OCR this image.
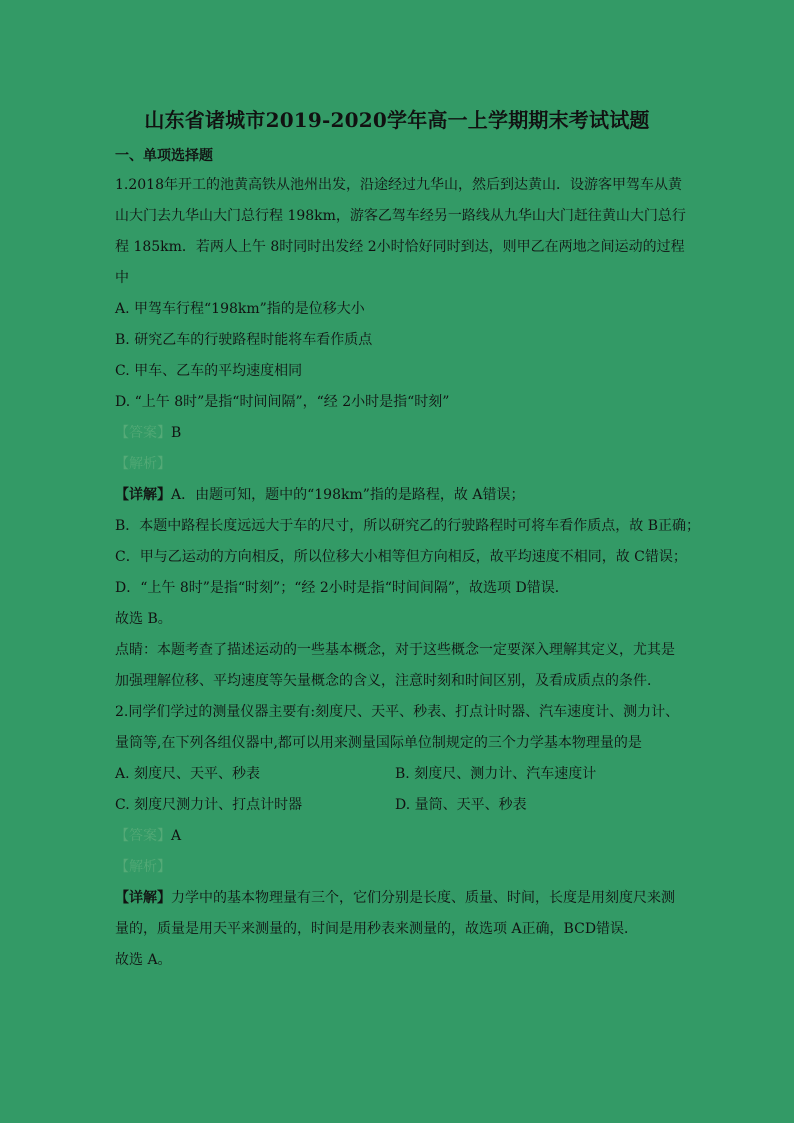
山东省诸城市2019-2020学年高一上学期期末考试试题
一、单项选择题

1.2018年开工的池黄高铁从池州出发，沿途经过九华山，然后到达黄山．设游客甲驾车从黄

山大门去九华山大门总行程 198km，游客乙驾车经另一路线从九华山大门赶往黄山大门总行

程 185km．若两人上午 8时同时出发经 2小时恰好同时到达，则甲乙在两地之间运动的过程

中

A. 甲驾车行程“198km”指的是位移大小

B. 研究乙车的行驶路程时能将车看作质点

C. 甲车、乙车的平均速度相同

D. “上午 8时”是指“时间间隔”，“经 2小时是指“时刻”

【答案】B

【解析】

【详解】A．由题可知，题中的“198km”指的是路程，故 A错误；

B．本题中路程长度远远大于车的尺寸，所以研究乙的行驶路程时可将车看作质点，故 B正确；

C．甲与乙运动的方向相反，所以位移大小相等但方向相反，故平均速度不相同，故 C错误；

D．“上午 8时”是指“时刻”；“经 2小时是指“时间间隔”，故选项 D错误．

故选 B。

点睛：本题考查了描述运动的一些基本概念，对于这些概念一定要深入理解其定义，尤其是

加强理解位移、平均速度等矢量概念的含义，注意时刻和时间区别，及看成质点的条件．

2.同学们学过的测量仪器主要有:刻度尺、天平、秒表、打点计时器、汽车速度计、测力计、

量筒等,在下列各组仪器中,都可以用来测量国际单位制规定的三个力学基本物理量的是

A. 刻度尺、天平、秒表	B. 刻度尺、测力计、汽车速度计
C. 刻度尺测力计、打点计时器	D. 量筒、天平、秒表

【答案】A

【解析】

【详解】力学中的基本物理量有三个，它们分别是长度、质量、时间，长度是用刻度尺来测

量的，质量是用天平来测量的，时间是用秒表来测量的，故选项 A正确，BCD错误．

故选 A。
